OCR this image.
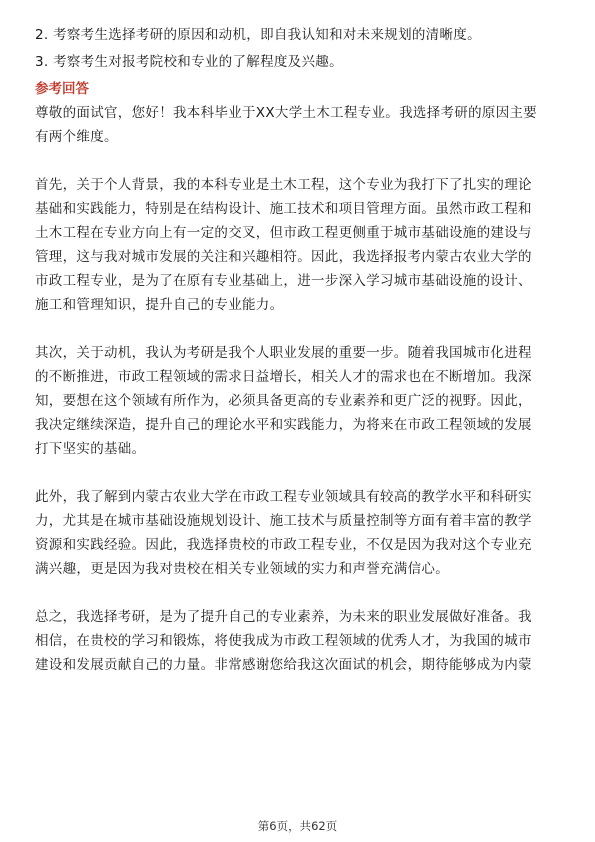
2. 考察考生选择考研的原因和动机，即自我认知和对未来规划的清晰度。
3. 考察考生对报考院校和专业的了解程度及兴趣。
参考回答
尊敬的面试官，您好！我本科毕业于XX大学土木工程专业。我选择考研的原因主要
有两个维度。
首先，关于个人背景，我的本科专业是土木工程，这个专业为我打下了扎实的理论
基础和实践能力，特别是在结构设计、施工技术和项目管理方面。虽然市政工程和
土木工程在专业方向上有一定的交叉，但市政工程更侧重于城市基础设施的建设与
管理，这与我对城市发展的关注和兴趣相符。因此，我选择报考内蒙古农业大学的
市政工程专业，是为了在原有专业基础上，进一步深入学习城市基础设施的设计、
施工和管理知识，提升自己的专业能力。
其次，关于动机，我认为考研是我个人职业发展的重要一步。随着我国城市化进程
的不断推进，市政工程领域的需求日益增长，相关人才的需求也在不断增加。我深
知，要想在这个领域有所作为，必须具备更高的专业素养和更广泛的视野。因此，
我决定继续深造，提升自己的理论水平和实践能力，为将来在市政工程领域的发展
打下坚实的基础。
此外，我了解到内蒙古农业大学在市政工程专业领域具有较高的教学水平和科研实
力，尤其是在城市基础设施规划设计、施工技术与质量控制等方面有着丰富的教学
资源和实践经验。因此，我选择贵校的市政工程专业，不仅是因为我对这个专业充
满兴趣，更是因为我对贵校在相关专业领域的实力和声誉充满信心。
总之，我选择考研，是为了提升自己的专业素养，为未来的职业发展做好准备。我
相信，在贵校的学习和锻炼，将使我成为市政工程领域的优秀人才，为我国的城市
建设和发展贡献自己的力量。非常感谢您给我这次面试的机会，期待能够成为内蒙
第6页，共62页
